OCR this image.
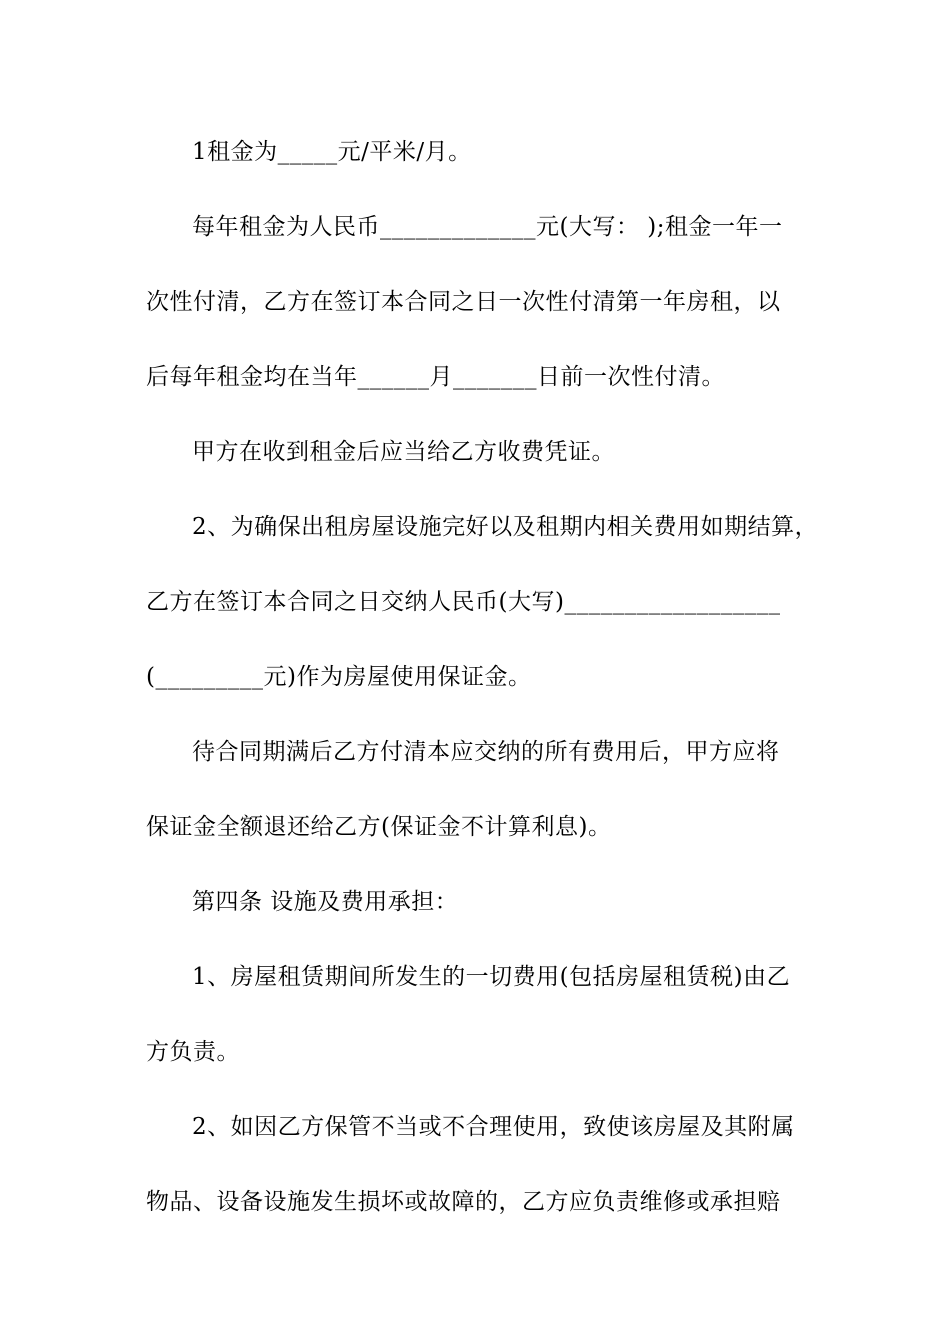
1租金为_____元/平米/月。
每年租金为人民币_____________元(大写： );租金一年一
次性付清，乙方在签订本合同之日一次性付清第一年房租，以
后每年租金均在当年______月_______日前一次性付清。
甲方在收到租金后应当给乙方收费凭证。
2、为确保出租房屋设施完好以及租期内相关费用如期结算，
乙方在签订本合同之日交纳人民币(大写)__________________
(_________元)作为房屋使用保证金。
待合同期满后乙方付清本应交纳的所有费用后，甲方应将
保证金全额退还给乙方(保证金不计算利息)。
第四条 设施及费用承担：
1、房屋租赁期间所发生的一切费用(包括房屋租赁税)由乙
方负责。
2、如因乙方保管不当或不合理使用，致使该房屋及其附属
物品、设备设施发生损坏或故障的，乙方应负责维修或承担赔
